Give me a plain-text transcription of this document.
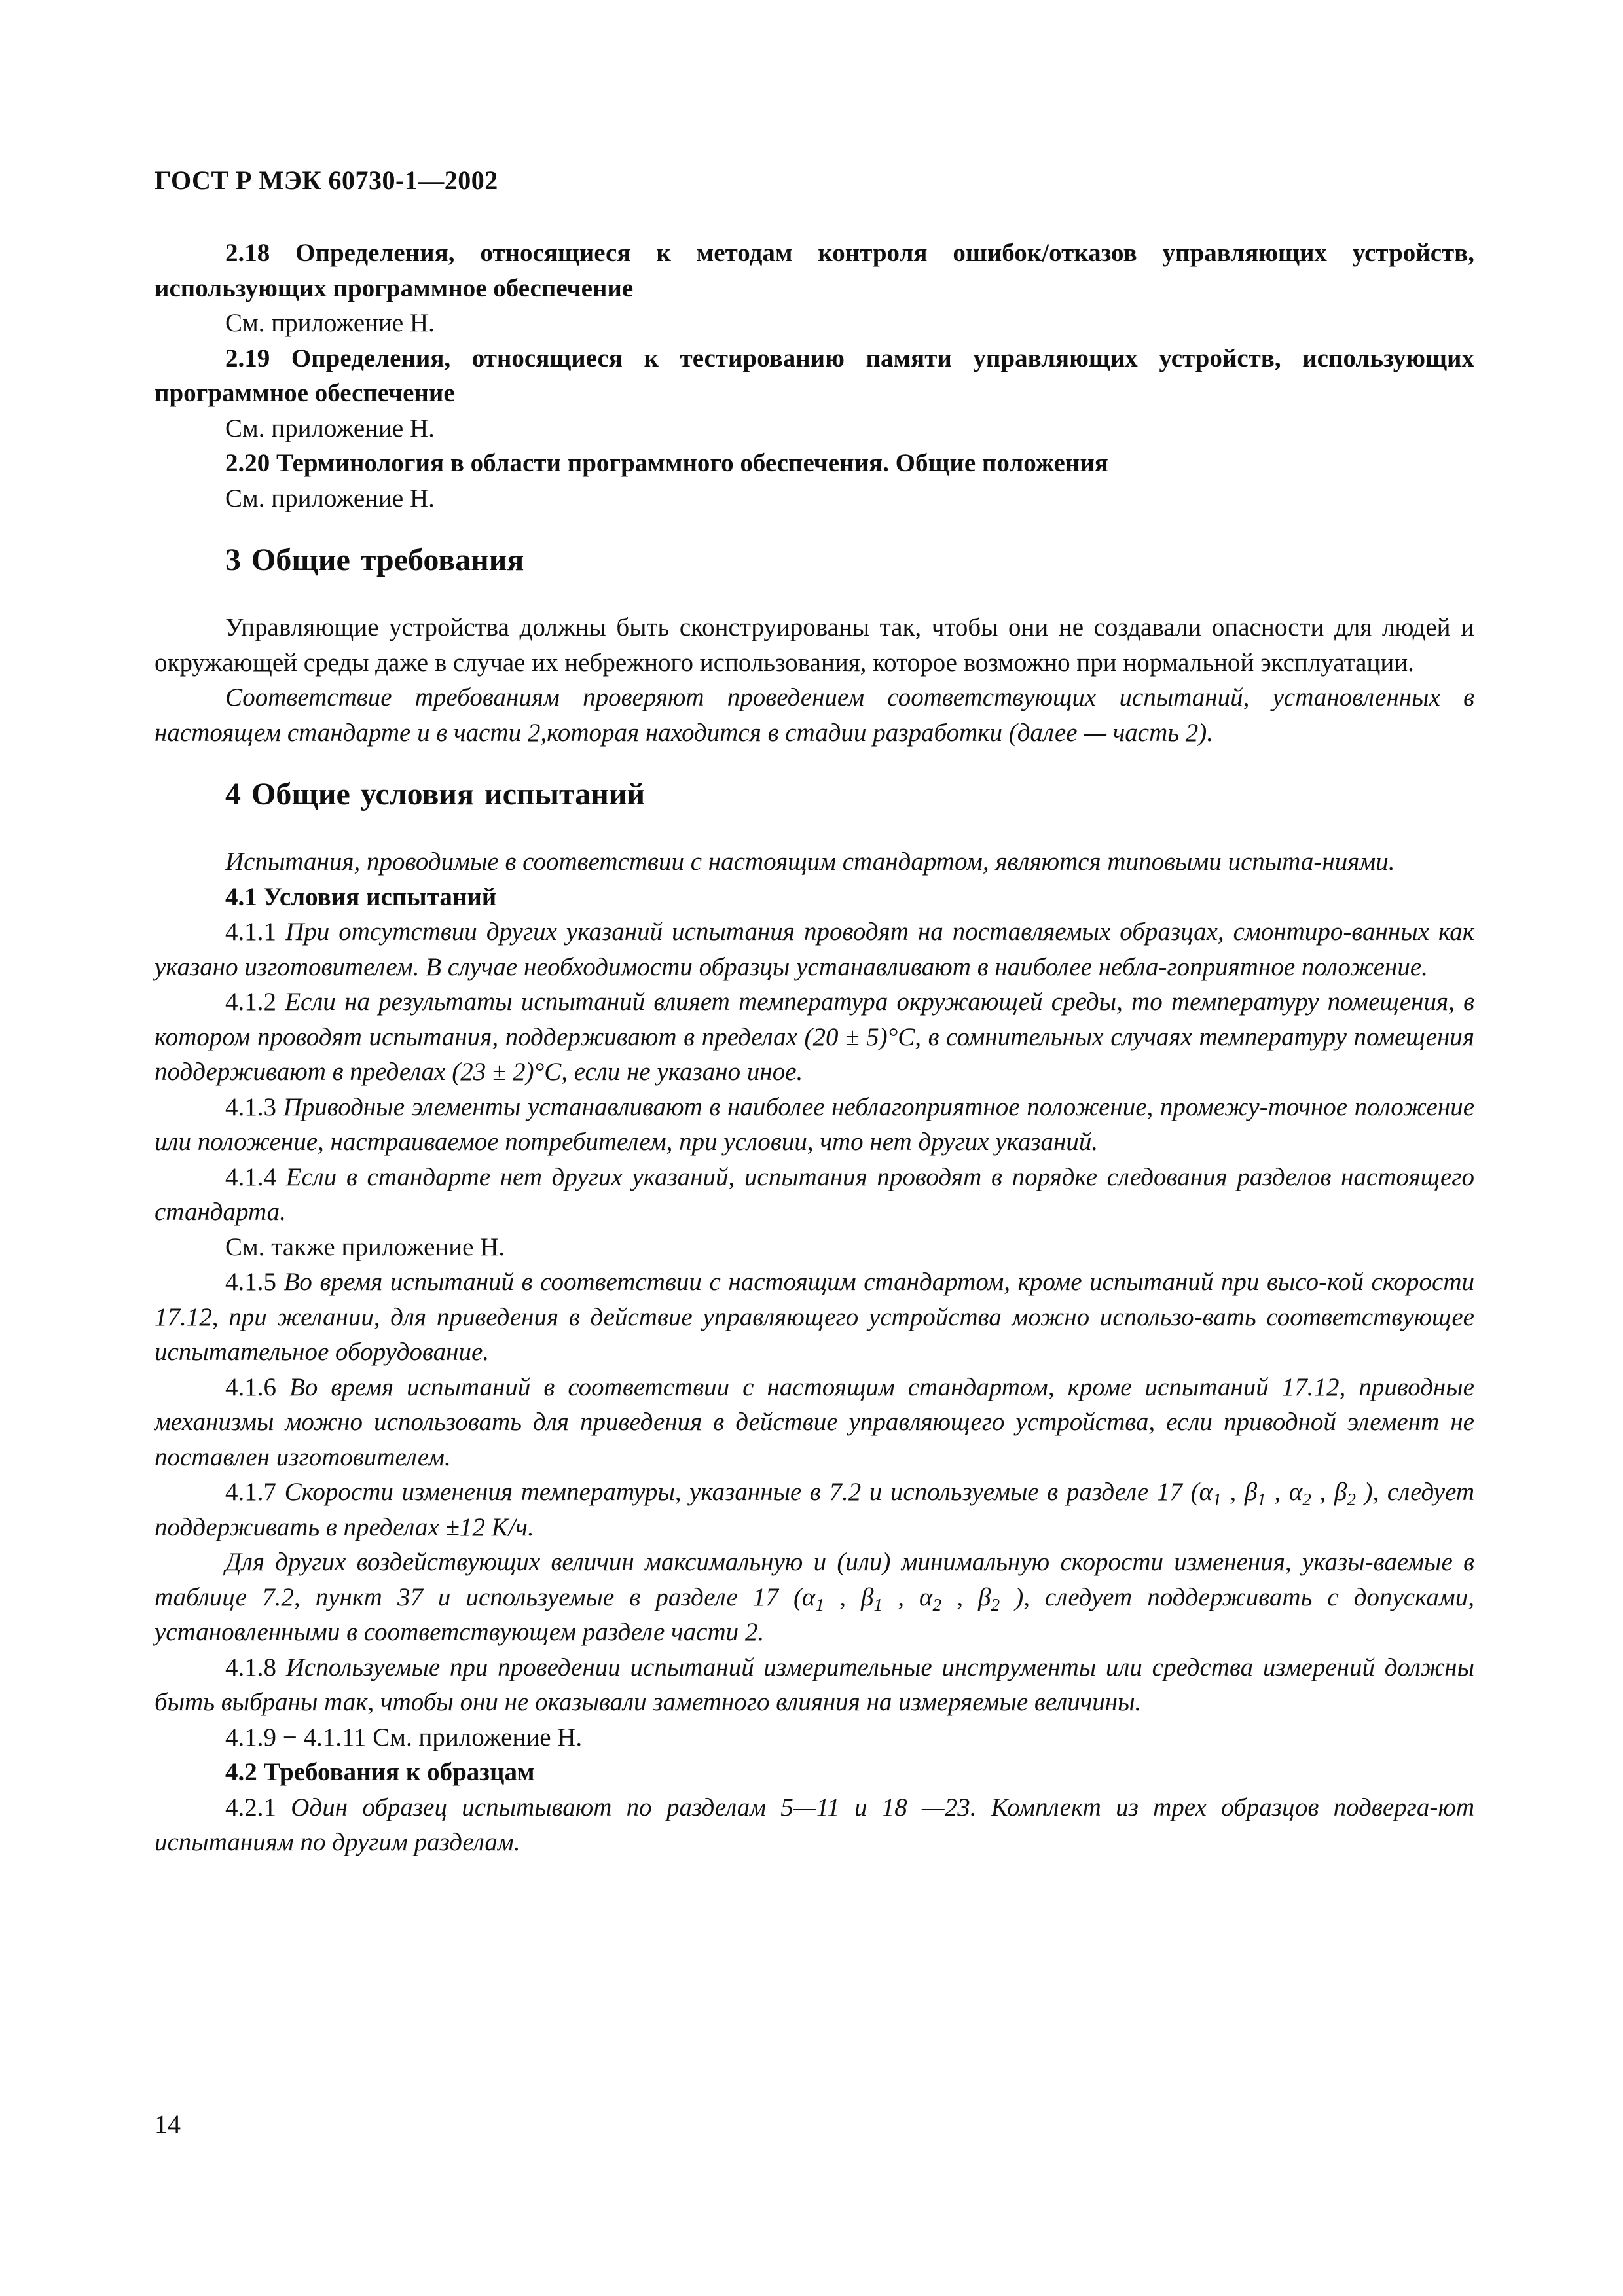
ГОСТ Р МЭК 60730-1—2002

2.18 Определения, относящиеся к методам контроля ошибок/отказов управляющих устройств, использующих программное обеспечение

См. приложение Н.

2.19 Определения, относящиеся к тестированию памяти управляющих устройств, использующих программное обеспечение

См. приложение Н.

2.20 Терминология в области программного обеспечения. Общие положения

См. приложение Н.

3 Общие требования

Управляющие устройства должны быть сконструированы так, чтобы они не создавали опасности для людей и окружающей среды даже в случае их небрежного использования, которое возможно при нормальной эксплуатации.

Соответствие требованиям проверяют проведением соответствующих испытаний, установленных в настоящем стандарте и в части 2,которая находится в стадии разработки (далее — часть 2).

4 Общие условия испытаний

Испытания, проводимые в соответствии с настоящим стандартом, являются типовыми испыта-ниями.

4.1 Условия испытаний

4.1.1 При отсутствии других указаний испытания проводят на поставляемых образцах, смонтиро-ванных как указано изготовителем. В случае необходимости образцы устанавливают в наиболее небла-гоприятное положение.

4.1.2 Если на результаты испытаний влияет температура окружающей среды, то температуру помещения, в котором проводят испытания, поддерживают в пределах (20 ± 5)°С, в сомнительных случаях температуру помещения поддерживают в пределах (23 ± 2)°С, если не указано иное.

4.1.3 Приводные элементы устанавливают в наиболее неблагоприятное положение, промежу-точное положение или положение, настраиваемое потребителем, при условии, что нет других указаний.

4.1.4 Если в стандарте нет других указаний, испытания проводят в порядке следования разделов настоящего стандарта.

См. также приложение Н.

4.1.5 Во время испытаний в соответствии с настоящим стандартом, кроме испытаний при высо-кой скорости 17.12, при желании, для приведения в действие управляющего устройства можно использо-вать соответствующее испытательное оборудование.

4.1.6 Во время испытаний в соответствии с настоящим стандартом, кроме испытаний 17.12, приводные механизмы можно использовать для приведения в действие управляющего устройства, если приводной элемент не поставлен изготовителем.

4.1.7 Скорости изменения температуры, указанные в 7.2 и используемые в разделе 17 ($\alpha_1$ , $\beta_1$ , $\alpha_2$ , $\beta_2$ ), следует поддерживать в пределах ±12 К/ч.

Для других воздействующих величин максимальную и (или) минимальную скорости изменения, указы-ваемые в таблице 7.2, пункт 37 и используемые в разделе 17 ($\alpha_1$ , $\beta_1$ , $\alpha_2$ , $\beta_2$ ), следует поддерживать с допусками, установленными в соответствующем разделе части 2.

4.1.8 Используемые при проведении испытаний измерительные инструменты или средства измерений должны быть выбраны так, чтобы они не оказывали заметного влияния на измеряемые величины.

4.1.9 − 4.1.11 См. приложение Н.

4.2 Требования к образцам

4.2.1 Один образец испытывают по разделам 5—11 и 18 —23. Комплект из трех образцов подверга-ют испытаниям по другим разделам.

14
